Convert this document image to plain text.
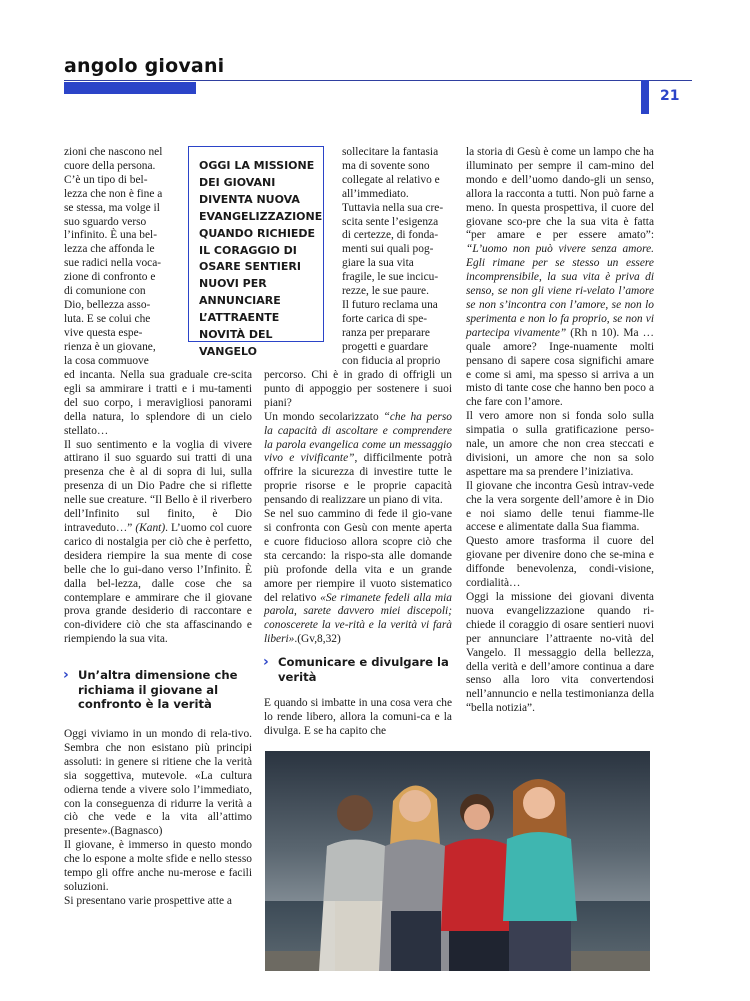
angolo giovani

21

OGGI LA MISSIONE DEI GIOVANI DIVENTA NUOVA EVANGELIZZAZIONE QUANDO RICHIEDE IL CORAGGIO DI OSARE SENTIERI NUOVI PER ANNUNCIARE L’ATTRAENTE NOVITÀ DEL VANGELO

zioni che nascono nel

cuore della persona.

C’è un tipo di bel-

lezza che non è fine a

se stessa, ma volge il

suo sguardo verso

l’infinito. È una bel-

lezza che affonda le

sue radici nella voca-

zione di confronto e

di comunione con

Dio, bellezza asso-

luta. E se colui che

vive questa espe-

rienza è un giovane,

la cosa commuove

ed incanta. Nella sua graduale cre-scita egli sa ammirare i tratti e i mu-tamenti del suo corpo, i meravigliosi panorami della natura, lo splendore di un cielo stellato…

Il suo sentimento e la voglia di vivere attirano il suo sguardo sui tratti di una presenza che è al di sopra di lui, sulla presenza di un Dio Padre che si riflette nelle sue creature. “Il Bello è il riverbero dell’Infinito sul finito, è Dio intraveduto…” (Kant). L’uomo col cuore carico di nostalgia per ciò che è perfetto, desidera riempire la sua mente di cose belle che lo gui-dano verso l’Infinito. È dalla bel-lezza, dalle cose che sa contemplare e ammirare che il giovane prova grande desiderio di raccontare e con-dividere ciò che sta affascinando e riempiendo la sua vita.

› Un’altra dimensione che richiama il giovane al confronto è la verità

Oggi viviamo in un mondo di rela-tivo. Sembra che non esistano più principi assoluti: in genere si ritiene che la verità sia soggettiva, mutevole. «La cultura odierna tende a vivere solo l’immediato, con la conseguenza di ridurre la verità a ciò che vede e la vita all’attimo presente».(Bagnasco)

Il giovane, è immerso in questo mondo che lo espone a molte sfide e nello stesso tempo gli offre anche nu-merose e facili soluzioni.

Si presentano varie prospettive atte a

sollecitare la fantasia

ma di sovente sono

collegate al relativo e

all’immediato.

Tuttavia nella sua cre-

scita sente l’esigenza

di certezze, di fonda-

menti sui quali pog-

giare la sua vita

fragile, le sue incicu-

rezze, le sue paure.

Il futuro reclama una

forte carica di spe-

ranza per preparare

progetti e guardare

con fiducia al proprio

percorso. Chi è in grado di offrigli un punto di appoggio per sostenere i suoi piani?

Un mondo secolarizzato “che ha perso la capacità di ascoltare e comprendere la parola evangelica come un messaggio vivo e vivificante”, difficilmente potrà offrire la sicurezza di investire tutte le proprie risorse e le proprie capacità pensando di realizzare un piano di vita.

Se nel suo cammino di fede il gio-vane si confronta con Gesù con mente aperta e cuore fiducioso allora scopre ciò che sta cercando: la rispo-sta alle domande più profonde della vita e un grande amore per riempire il vuoto sistematico del relativo «Se rimanete fedeli alla mia parola, sarete davvero miei discepoli; conoscerete la ve-rità e la verità vi farà liberi».(Gv,8,32)

› Comunicare e divulgare la verità

E quando si imbatte in una cosa vera che lo rende libero, allora la comuni-ca e la divulga. E se ha capito che

la storia di Gesù è come un lampo che ha illuminato per sempre il cam-mino del mondo e dell’uomo dando-gli un senso, allora la racconta a tutti. Non può farne a meno. In questa prospettiva, il cuore del giovane sco-pre che la sua vita è fatta “per amare e per essere amato”: “L’uomo non può vivere senza amore. Egli rimane per se stesso un essere incomprensibile, la sua vita è priva di senso, se non gli viene ri-velato l’amore se non s’incontra con l’amore, se non lo sperimenta e non lo fa proprio, se non vi partecipa vivamente” (Rh n 10). Ma … quale amore? Inge-nuamente molti pensano di sapere cosa significhi amare e come si ami, ma spesso si arriva a un misto di tante cose che hanno ben poco a che fare con l’amore.

Il vero amore non si fonda solo sulla simpatia o sulla gratificazione perso-nale, un amore che non crea steccati e divisioni, un amore che non sa solo aspettare ma sa prendere l’iniziativa.

Il giovane che incontra Gesù intrav-vede che la vera sorgente dell’amore è in Dio e noi siamo delle tenui fiamme-lle accese e alimentate dalla Sua fiamma.

Questo amore trasforma il cuore del giovane per divenire dono che se-mina e diffonde benevolenza, condi-visione, cordialità…

Oggi la missione dei giovani diventa nuova evangelizzazione quando ri-chiede il coraggio di osare sentieri nuovi per annunciare l’attraente no-vità del Vangelo. Il messaggio della bellezza, della verità e dell’amore continua a dare senso alla loro vita convertendosi nell’annuncio e nella testimonianza della “bella notizia”.
